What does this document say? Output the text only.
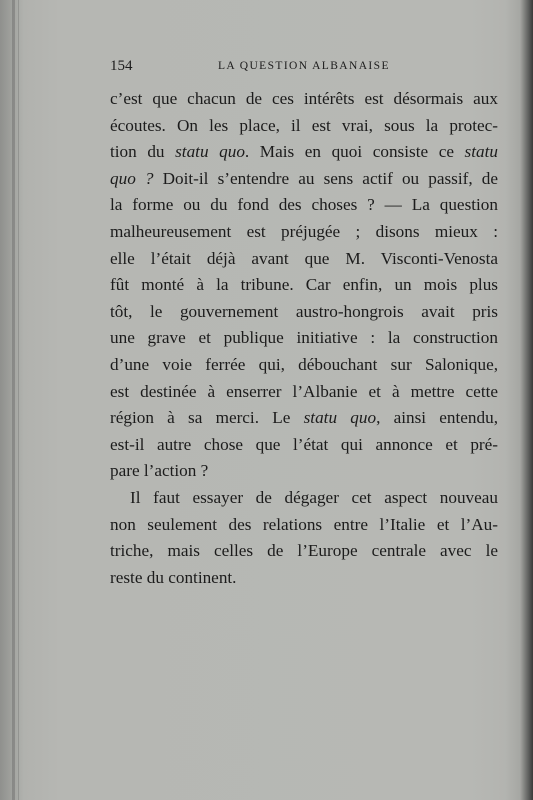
154	LA QUESTION ALBANAISE
c’est que chacun de ces intérêts est désormais aux
écoutes. On les place, il est vrai, sous la protec-
tion du statu quo. Mais en quoi consiste ce statu
quo ? Doit-il s’entendre au sens actif ou passif, de
la forme ou du fond des choses ? — La question
malheureusement est préjugée ; disons mieux :
elle l’était déjà avant que M. Visconti-Venosta
fût monté à la tribune. Car enfin, un mois plus
tôt, le gouvernement austro-hongrois avait pris
une grave et publique initiative : la construction
d’une voie ferrée qui, débouchant sur Salonique,
est destinée à enserrer l’Albanie et à mettre cette
région à sa merci. Le statu quo, ainsi entendu,
est-il autre chose que l’état qui annonce et pré-
pare l’action ?
Il faut essayer de dégager cet aspect nouveau
non seulement des relations entre l’Italie et l’Au-
triche, mais celles de l’Europe centrale avec le
reste du continent.
